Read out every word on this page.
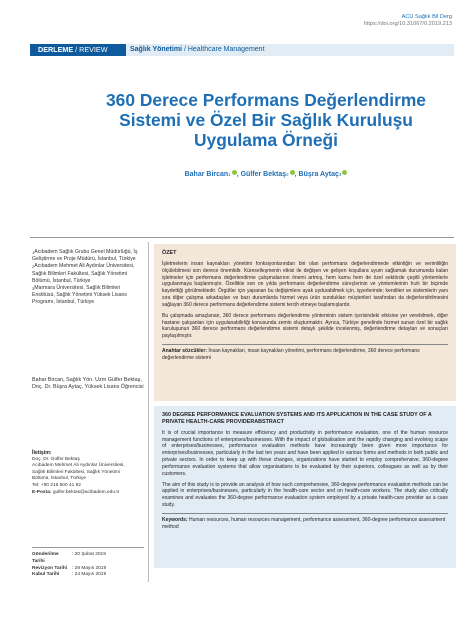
ACU Sağlık Bil Derg
https://doi.org/10.31067/0.2019.213
DERLEME / REVIEW	Sağlık Yönetimi / Healthcare Management
360 Derece Performans Değerlendirme Sistemi ve Özel Bir Sağlık Kuruluşu Uygulama Örneği
Bahar Bircan$^1$ , Gülfer Bektaş$^2$ , Büşra Aytaç$^3$
$^1$Acıbadem Sağlık Grubu Genel Müdürlüğü, İş Geliştirme ve Proje Müdürü, İstanbul, Türkiye
$^2$Acıbadem Mehmet Ali Aydınlar Üniversitesi, Sağlık Bilimleri Fakültesi, Sağlık Yönetimi Bölümü, İstanbul, Türkiye
$^3$Marmara Üniversitesi, Sağlık Bilimleri Enstitüsü, Sağlık Yönetimi Yüksek Lisans Programı, İstanbul, Türkiye
Bahar Bircan, Sağlık Yön. Uzm Gülfer Bektaş, Doç. Dr. Büşra Aytaç, Yüksek Lisans Öğrencisi
İletişim:
Doç. Dr. Gülfer Bektaş
Acıbadem Mehmet Ali Aydınlar Üniversitesi,
Sağlık Bilimleri Fakültesi, Sağlık Yönetimi
Bölümü, İstanbul, Türkiye
Tel: +90 216 500 41 92
E-Posta: gulfer.bektas@acibadem.edu.tr
Gönderilme Tarihi
: 20 Şubat 2019
Revizyon Tarihi	: 28 Mayıs 2019
Kabul Tarihi	: 24 Mayıs 2019
ÖZET

İşletmelerin insan kaynakları yönetimi fonksiyonlarından biri olan performans değerlendirmede etkinliğin ve verimliliğin ölçülebilmesi son derece önemlidir. Küreselleşmenin etkisi ile değişen ve gelişen koşullara uyum sağlamak durumunda kalan işletmeler için performans değerlendirme çalışmalarının önemi artmış, hem kamu hem de özel sektörde çeşitli yöntemlerle uygulanmaya başlanmıştır. Özellikle son on yılda performans değerlendirme süreçlerinin ve yöntemlerinin hızlı bir biçimde kaydettiği görülmektedir. Örgütler için yapanan bu değişimlere ayak uydurabilmek için, işyerlerinde; kendileri ve sistemlerin yanı sıra diğer çalışma arkadaşları ve bazı durumlarda hizmet veya ürün sundukları müşterileri tarafından da değerlendirilmesini sağlayan 360 derece performans değerlendirme sistemi tercih etmeye başlamışlardır.

Bu çalışmada amaçlanan, 360 derece performans değerlendirme yönteminin sistem içerisindeki etkisine yer verebilmek, diğer hastane çalışanları için uygulanabilirliği konusunda zemin oluşturmaktır. Ayrıca, Türkiye genelinde hizmet sunan özel bir sağlık kuruluşunun 360 derece performans değerlendirme sistemi detaylı şekilde incelenmiş, değerlendirme detayları ve sonuçları paylaşılmıştır.

Anahtar sözcükler: İnsan kaynakları, insan kaynakları yönetimi, performans değerlendirme, 360 derece performans değerlendirme sistemi
360 DEGREE PERFORMANCE EVALUATION SYSTEMS AND ITS APPLICATION IN THE CASE STUDY OF A PRIVATE HEALTH-CARE PROVIDERABSTRACT

It is of crucial importance to measure efficiency and productivity in performance evaluation, one of the human resource management functions of enterprises/businesses. With the impact of globalisation and the rapidly changing and evolving scape of enterprises/businesses, performance evaluation methods have increasingly been given more importance for enterprises/businesses, particularly in the last ten years and have been applied in various forms and methods in both public and private sectors. In order to keep up with these changes, organizations have started to employ comprehensive, 360-degree performance evaluation systems that allow organisations to be evaluated by their superiors, colleagues as well as by their customers.

The aim of this study is to provide an analysis of how such comprehensive, 360-degree performance evaluation methods can be applied in enterprises/businesses, particularly in the health-care sector and on health-care workers. The study also critically examines and evaluates the 360-degree performance evaluation system employed by a private health-care provider as a case study.

Keywords: Human resources, human resources management, performance assessment, 360-degree performance assessment method
